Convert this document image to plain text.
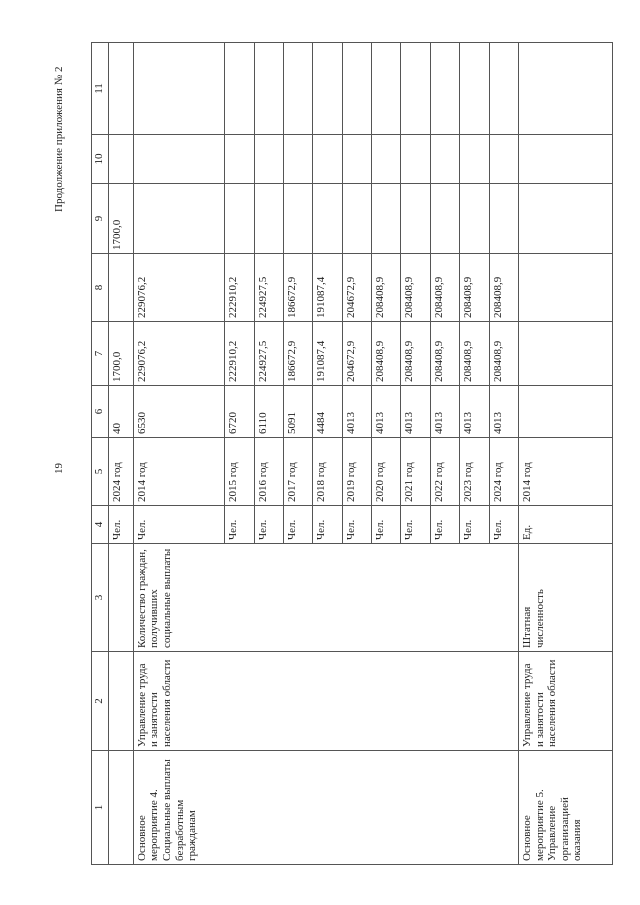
19
Продолжение приложения № 2
1	2	3	4	5	6	7	8	9	10	11
			Чел.	2024 год	40	1700,0		1700,0		
Основное мероприятие 4. Социальные выплаты безработным гражданам	Управление труда и занятости населения области	Количество граждан, получивших социальные выплаты	Чел.	2014 год	6530	229076,2	229076,2			
			Чел.	2015 год	6720	222910,2	222910,2			
			Чел.	2016 год	6110	224927,5	224927,5			
			Чел.	2017 год	5091	186672,9	186672,9			
			Чел.	2018 год	4484	191087,4	191087,4			
			Чел.	2019 год	4013	204672,9	204672,9			
			Чел.	2020 год	4013	208408,9	208408,9			
			Чел.	2021 год	4013	208408,9	208408,9			
			Чел.	2022 год	4013	208408,9	208408,9			
			Чел.	2023 год	4013	208408,9	208408,9			
			Чел.	2024 год	4013	208408,9	208408,9			
Основное мероприятие 5. Управление организацией оказания	Управление труда и занятости населения области	Штатная численность	Ед.	2014 год						
